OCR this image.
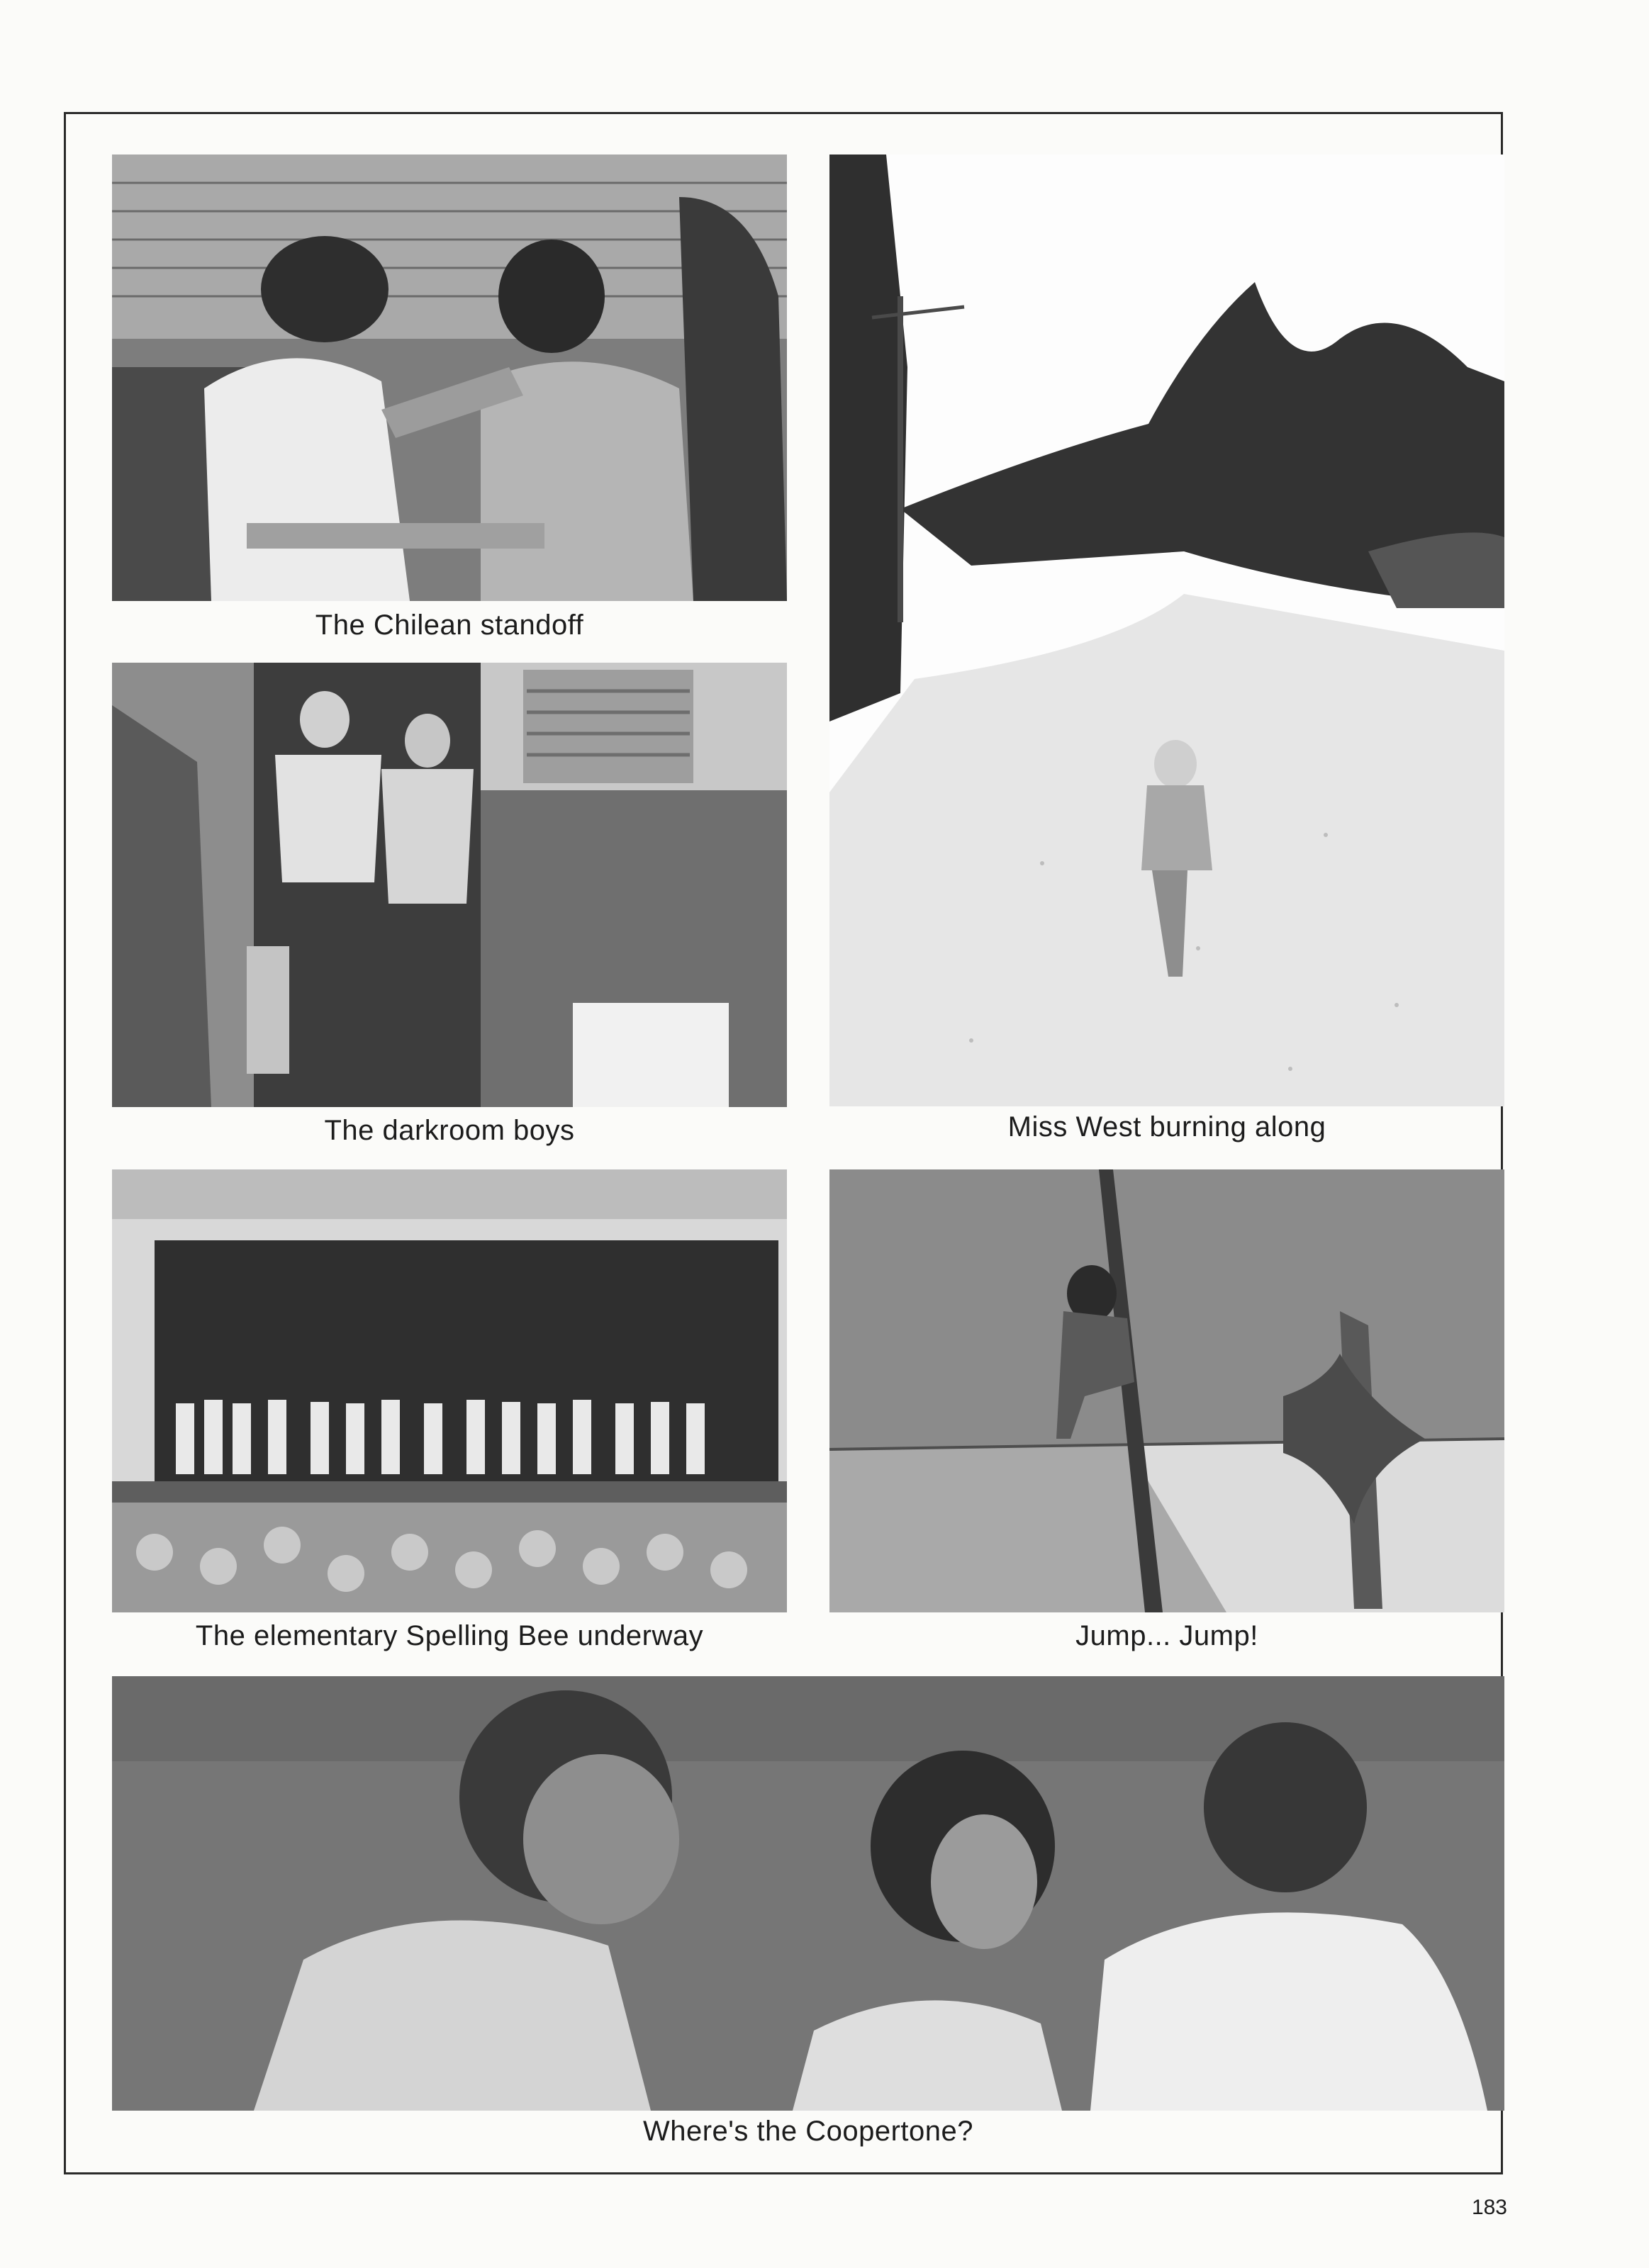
The Chilean standoff
Miss West burning along
The darkroom boys
The elementary Spelling Bee underway	Jump... Jump!
Where's the Coopertone?
183
